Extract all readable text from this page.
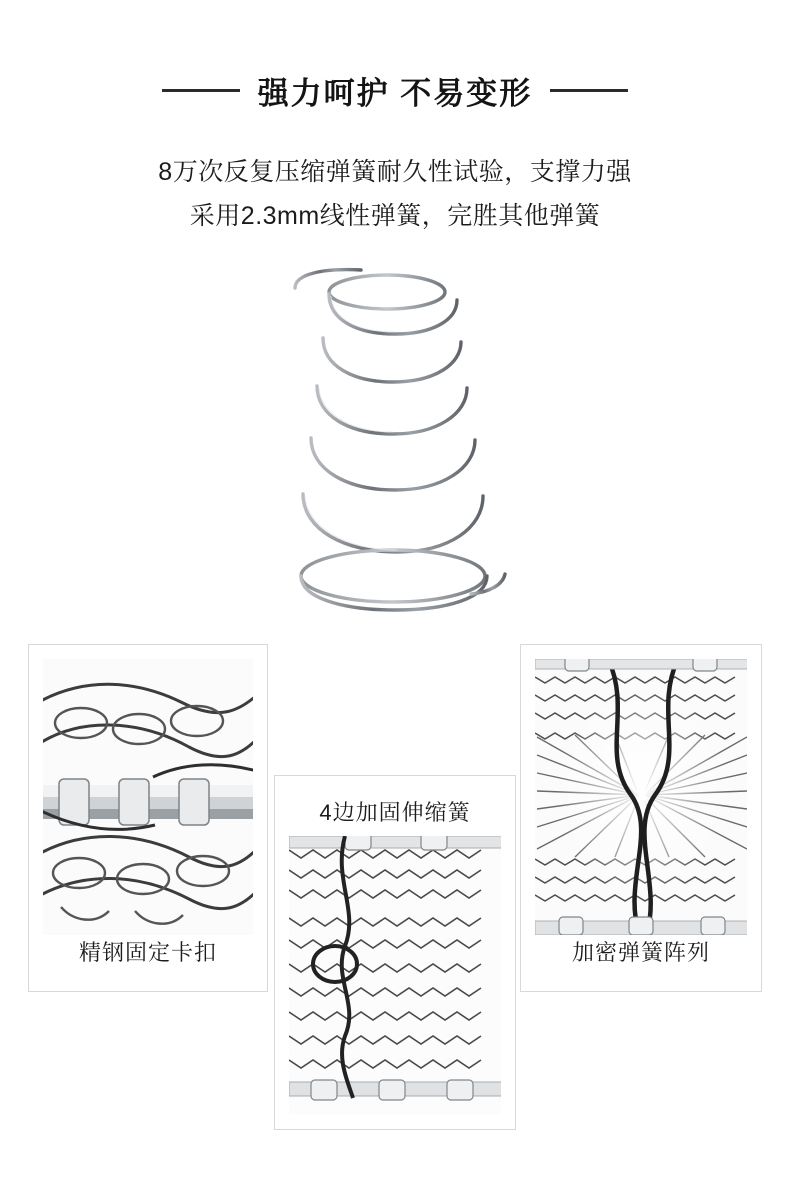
强力呵护 不易变形
8万次反复压缩弹簧耐久性试验，支撑力强
采用2.3mm线性弹簧，完胜其他弹簧
精钢固定卡扣
4边加固伸缩簧
加密弹簧阵列
